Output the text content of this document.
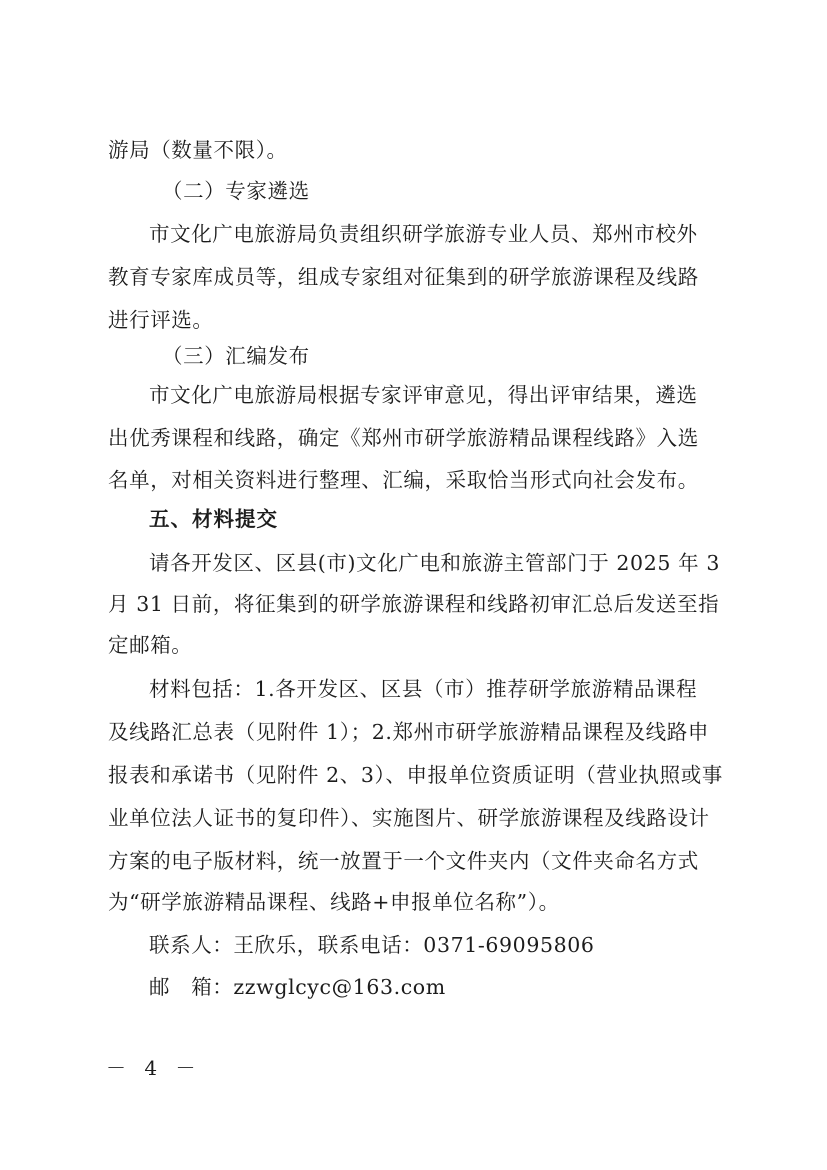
游局（数量不限）。
（二）专家遴选
市文化广电旅游局负责组织研学旅游专业人员、郑州市校外
教育专家库成员等，组成专家组对征集到的研学旅游课程及线路
进行评选。
（三）汇编发布
市文化广电旅游局根据专家评审意见，得出评审结果，遴选
出优秀课程和线路，确定《郑州市研学旅游精品课程线路》入选
名单，对相关资料进行整理、汇编，采取恰当形式向社会发布。
五、材料提交
请各开发区、区县(市)文化广电和旅游主管部门于 2025 年 3
月 31 日前，将征集到的研学旅游课程和线路初审汇总后发送至指
定邮箱。
材料包括：1.各开发区、区县（市）推荐研学旅游精品课程
及线路汇总表（见附件 1）；2.郑州市研学旅游精品课程及线路申
报表和承诺书（见附件 2、3）、申报单位资质证明（营业执照或事
业单位法人证书的复印件）、实施图片、研学旅游课程及线路设计
方案的电子版材料，统一放置于一个文件夹内（文件夹命名方式
为“研学旅游精品课程、线路+申报单位名称”）。
联系人：王欣乐，联系电话：0371-69095806
邮　箱：zzwglcyc@163.com
－ 4 －
